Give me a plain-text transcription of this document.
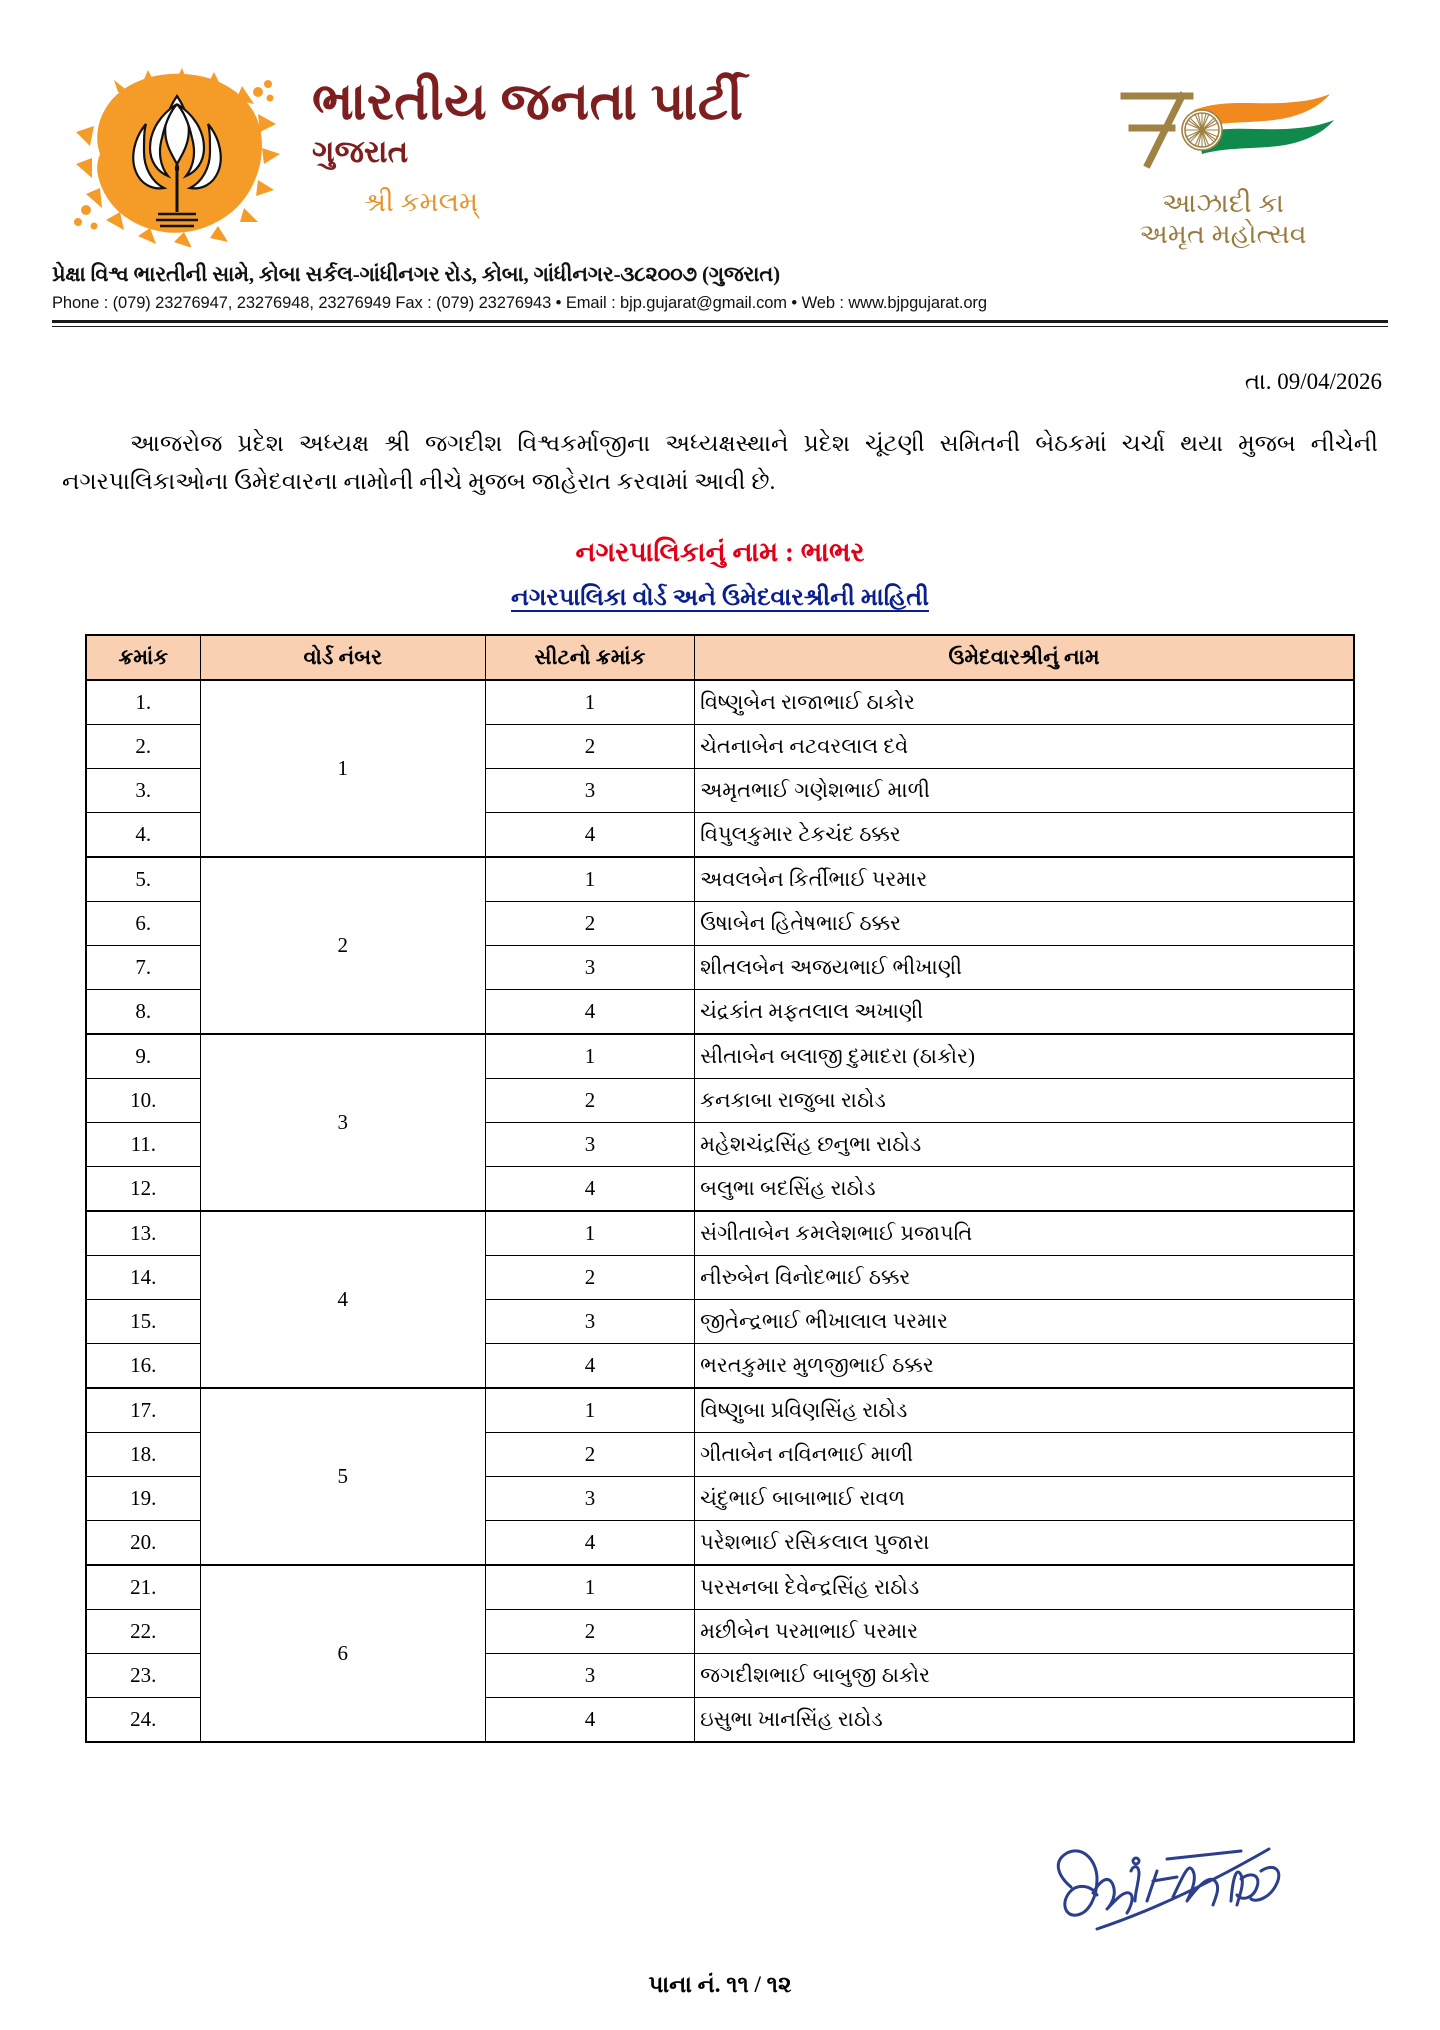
ભારતીય જનતા પાર્ટી
ગુજરાત
શ્રી કમલમ્	આઝાદી કા
અમૃત મહોત્સવ
પ્રેક્ષા વિશ્વ ભારતીની સામે, કોબા સર્કલ-ગાંધીનગર રોડ, કોબા, ગાંધીનગર-૩૮૨૦૦૭ (ગુજરાત)
Phone : (079) 23276947, 23276948, 23276949 Fax : (079) 23276943 • Email : bjp.gujarat@gmail.com • Web : www.bjpgujarat.org
તા. 09/04/2026

આજરોજ પ્રદેશ અધ્યક્ષ શ્રી જગદીશ વિશ્વકર્માજીના અધ્યક્ષસ્થાને પ્રદેશ ચૂંટણી સમિતની બેઠકમાં ચર્ચા થયા મુજબ નીચેની નગરપાલિકાઓના ઉમેદવારના નામોની નીચે મુજબ જાહેરાત કરવામાં આવી છે.

નગરપાલિકાનું નામ : ભાભર
નગરપાલિકા વોર્ડ અને ઉમેદવારશ્રીની માહિતી
ક્રમાંક	વોર્ડ નંબર	સીટનો ક્રમાંક	ઉમેદવારશ્રીનું નામ
1.	1	1	વિષ્ણુબેન રાજાભાઈ ઠાકોર
2.		2	ચેતનાબેન નટવરલાલ દવે
3.		3	અમૃતભાઈ ગણેશભાઈ માળી
4.		4	વિપુલકુમાર ટેકચંદ ઠક્કર
5.	2	1	અવલબેન કિર્તીભાઈ પરમાર
6.		2	ઉષાબેન હિતેષભાઈ ઠક્કર
7.		3	શીતલબેન અજયભાઈ ભીખાણી
8.		4	ચંદ્રકાંત મફતલાલ અખાણી
9.	3	1	સીતાબેન બલાજી દુમાદરા (ઠાકોર)
10.		2	કનકાબા રાજુબા રાઠોડ
11.		3	મહેશચંદ્રસિંહ છનુભા રાઠોડ
12.		4	બલુભા બદસિંહ રાઠોડ
13.	4	1	સંગીતાબેન કમલેશભાઈ પ્રજાપતિ
14.		2	નીરુબેન વિનોદભાઈ ઠક્કર
15.		3	જીતેન્દ્રભાઈ ભીખાલાલ પરમાર
16.		4	ભરતકુમાર મુળજીભાઈ ઠક્કર
17.	5	1	વિષ્ણુબા પ્રવિણસિંહ રાઠોડ
18.		2	ગીતાબેન નવિનભાઈ માળી
19.		3	ચંદુભાઈ બાબાભાઈ રાવળ
20.		4	પરેશભાઈ રસિકલાલ પુજારા
21.	6	1	પરસનબા દેવેન્દ્રસિંહ રાઠોડ
22.		2	મછીબેન પરમાભાઈ પરમાર
23.		3	જગદીશભાઈ બાબુજી ઠાકોર
24.		4	ઇસુભા ખાનસિંહ રાઠોડ
પાના નં. ૧૧ / ૧૨
